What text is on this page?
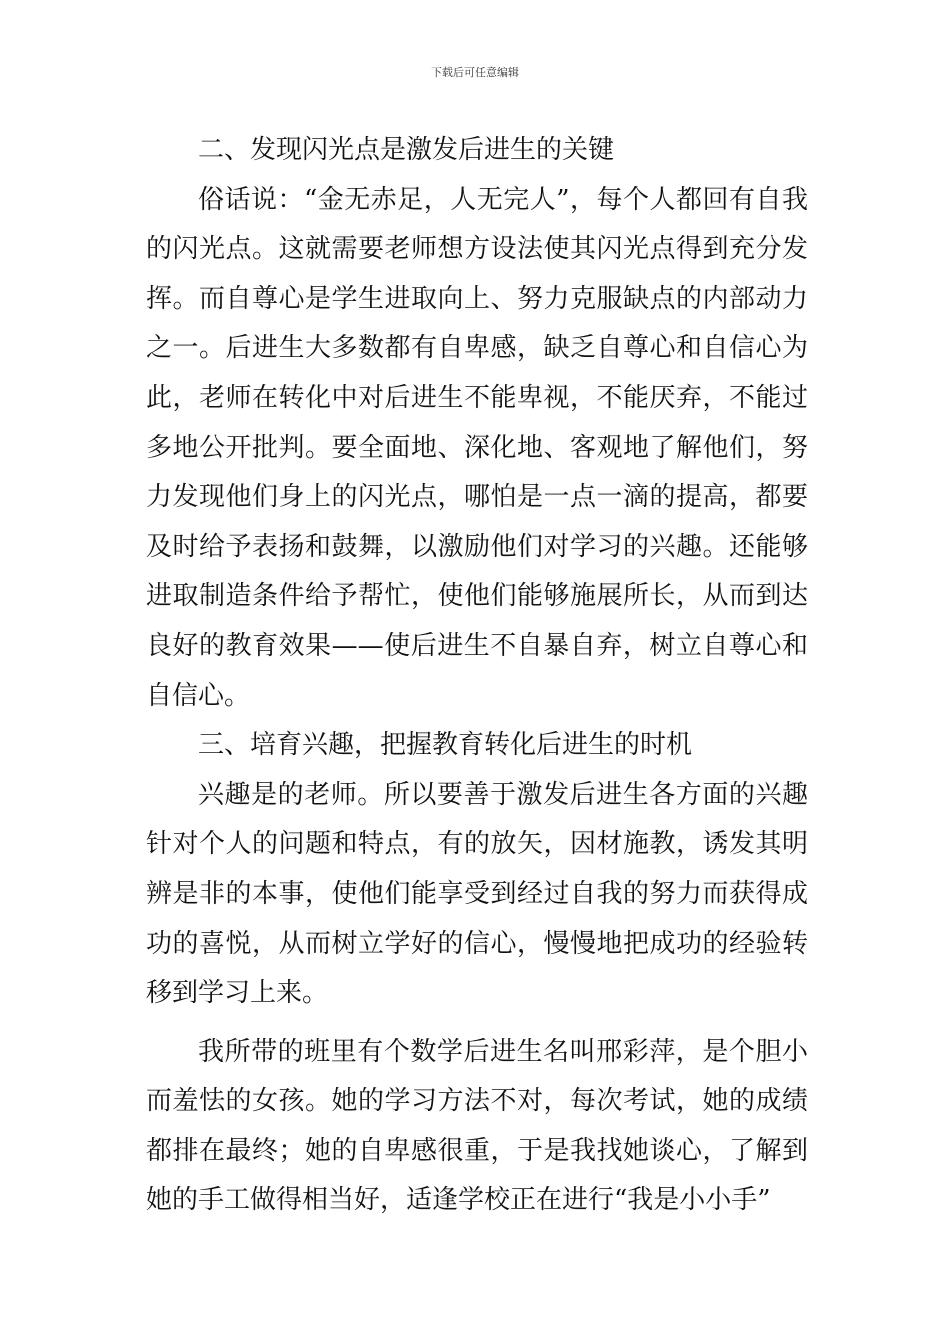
下载后可任意编辑

二、发现闪光点是激发后进生的关键

俗话说：“金无赤足，人无完人”，每个人都回有自我的闪光点。这就需要老师想方设法使其闪光点得到充分发挥。而自尊心是学生进取向上、努力克服缺点的内部动力之一。后进生大多数都有自卑感，缺乏自尊心和自信心为此，老师在转化中对后进生不能卑视，不能厌弃，不能过多地公开批判。要全面地、深化地、客观地了解他们，努力发现他们身上的闪光点，哪怕是一点一滴的提高，都要及时给予表扬和鼓舞，以激励他们对学习的兴趣。还能够进取制造条件给予帮忙，使他们能够施展所长，从而到达良好的教育效果——使后进生不自暴自弃，树立自尊心和自信心。

三、培育兴趣，把握教育转化后进生的时机

兴趣是的老师。所以要善于激发后进生各方面的兴趣针对个人的问题和特点，有的放矢，因材施教，诱发其明辨是非的本事，使他们能享受到经过自我的努力而获得成功的喜悦，从而树立学好的信心，慢慢地把成功的经验转移到学习上来。

我所带的班里有个数学后进生名叫邢彩萍，是个胆小而羞怯的女孩。她的学习方法不对，每次考试，她的成绩都排在最终；她的自卑感很重，于是我找她谈心，了解到她的手工做得相当好，适逢学校正在进行“我是小小手”
